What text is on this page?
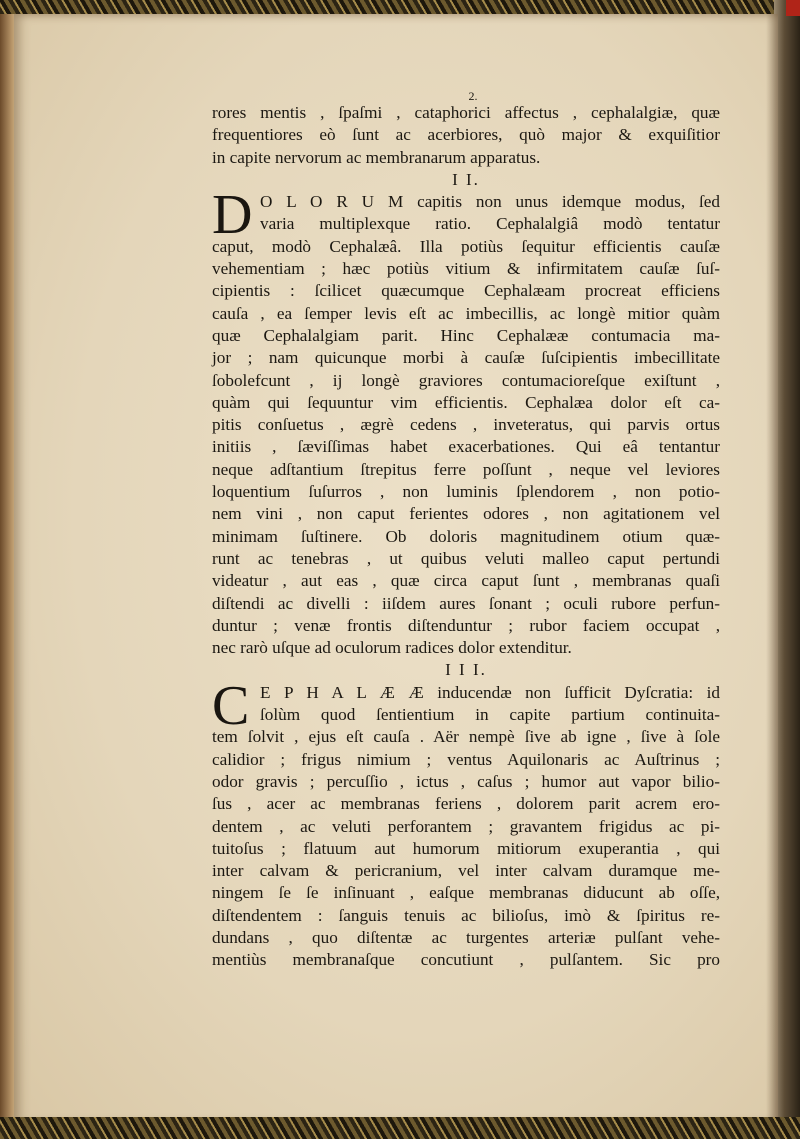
2.
rores mentis , ſpaſmi , cataphorici affectus , cephalalgiæ, quæ
frequentiores eò ſunt ac acerbiores, quò major & exquiſitior
in capite nervorum ac membranarum apparatus.
I I.
D O L O R U M capitis non unus idemque modus, ſed
varia multiplexque ratio. Cephalalgiâ modò tentatur
caput, modò Cephalæâ. Illa potiùs ſequitur efficientis cauſæ
vehementiam ; hæc potiùs vitium & infirmitatem cauſæ ſuſ-
cipientis : ſcilicet quæcumque Cephalæam procreat efficiens
cauſa , ea ſemper levis eſt ac imbecillis, ac longè mitior quàm
quæ Cephalalgiam parit. Hinc Cephalææ contumacia ma-
jor ; nam quicunque morbi à cauſæ ſuſcipientis imbecillitate
ſobolefcunt , ij longè graviores contumacioreſque exiſtunt ,
quàm qui ſequuntur vim efficientis. Cephalæa dolor eſt ca-
pitis conſuetus , ægrè cedens , inveteratus, qui parvis ortus
initiis , ſæviſſimas habet exacerbationes. Qui eâ tentantur
neque adſtantium ſtrepitus ferre poſſunt , neque vel leviores
loquentium ſuſurros , non luminis ſplendorem , non potio-
nem vini , non caput ferientes odores , non agitationem vel
minimam ſuſtinere. Ob doloris magnitudinem otium quæ-
runt ac tenebras , ut quibus veluti malleo caput pertundi
videatur , aut eas , quæ circa caput ſunt , membranas quaſi
diſtendi ac divelli : iiſdem aures ſonant ; oculi rubore perfun-
duntur ; venæ frontis diſtenduntur ; rubor faciem occupat ,
nec rarò uſque ad oculorum radices dolor extenditur.
I I I.
C E P H A L Æ Æ inducendæ non ſufficit Dyſcratia: id
ſolùm quod ſentientium in capite partium continuita-
tem ſolvit , ejus eſt cauſa . Aër nempè ſive ab igne , ſive à ſole
calidior ; frigus nimium ; ventus Aquilonaris ac Auſtrinus ;
odor gravis ; percuſſio , ictus , caſus ; humor aut vapor bilio-
ſus , acer ac membranas feriens , dolorem parit acrem ero-
dentem , ac veluti perforantem ; gravantem frigidus ac pi-
tuitoſus ; flatuum aut humorum mitiorum exuperantia , qui
inter calvam & pericranium, vel inter calvam duramque me-
ningem ſe ſe inſinuant , eaſque membranas diducunt ab oſſe,
diſtendentem : ſanguis tenuis ac bilioſus, imò & ſpiritus re-
dundans , quo diſtentæ ac turgentes arteriæ pulſant vehe-
mentiùs membranaſque concutiunt , pulſantem. Sic pro
